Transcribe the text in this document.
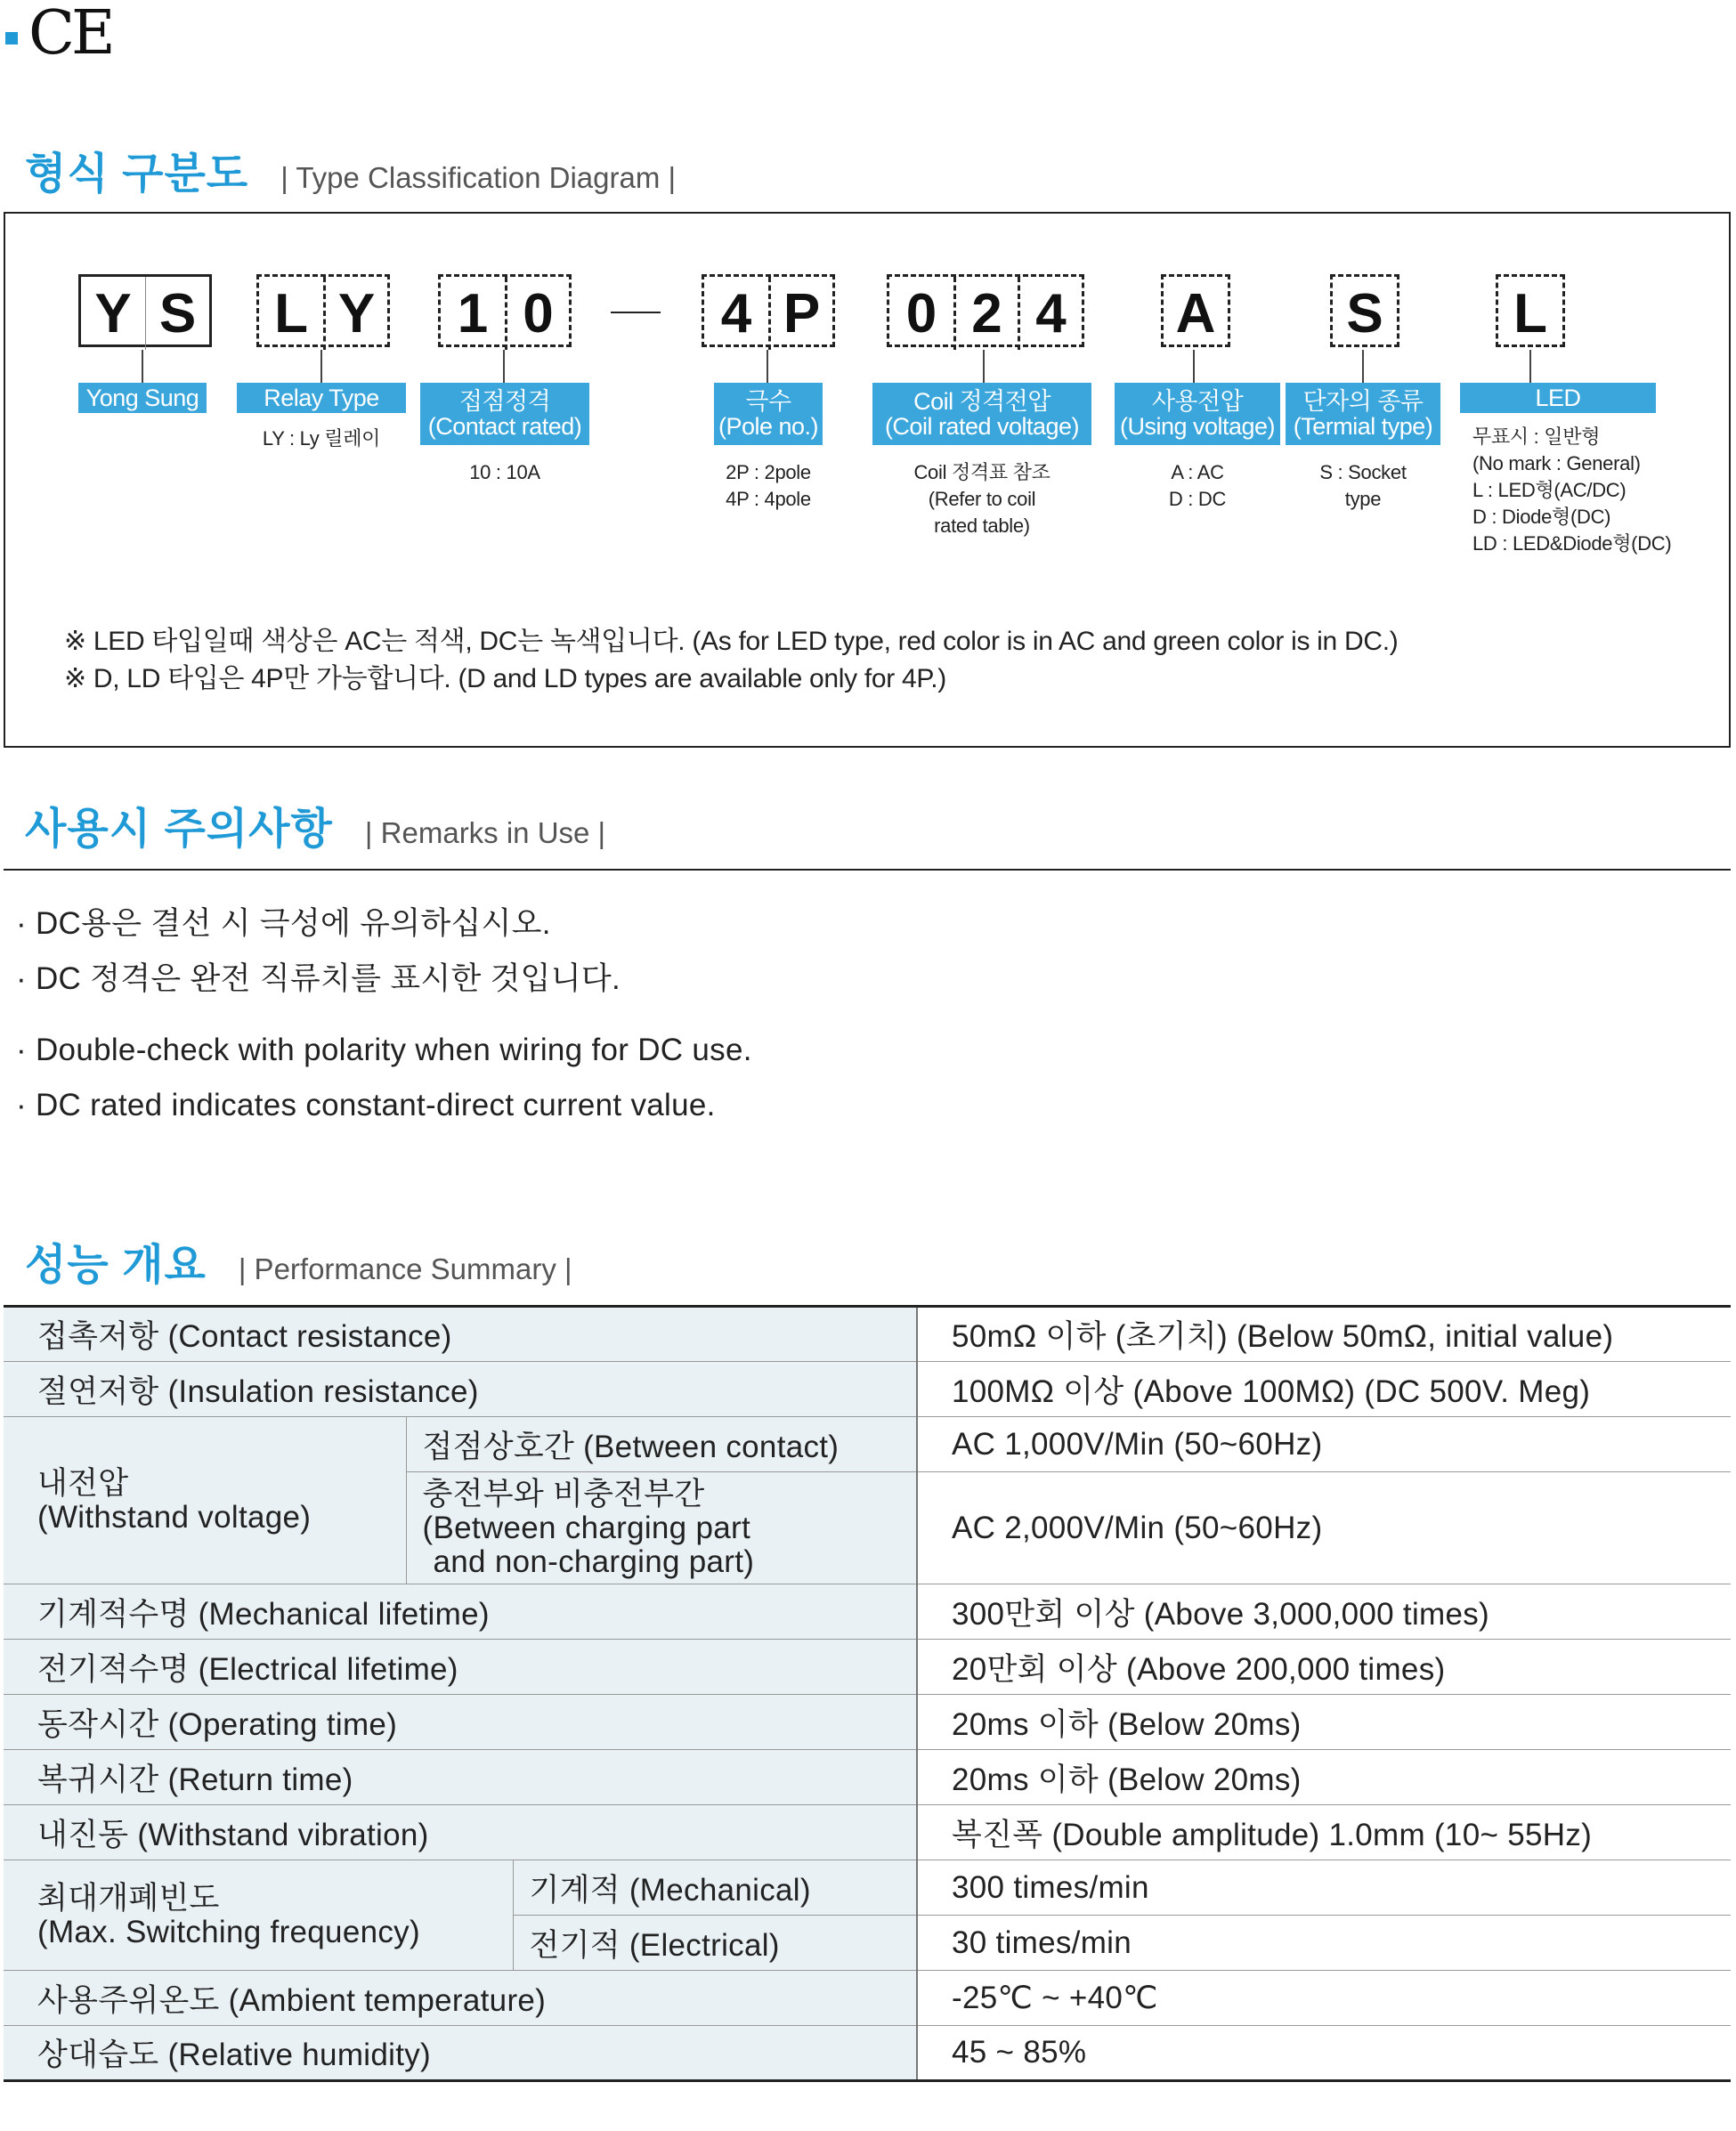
CE
형식 구분도 | Type Classification Diagram |
Y S L Y	1 0	4 P	0 2 4 A S L
Yong Sung	Relay Type	접점정격
(Contact rated)
극수
(Pole no.)
Coil 정격전압
(Coil rated voltage)
사용전압
(Using voltage)
단자의 종류
(Termial type)
LED
LY : Ly 릴레이
10 : 10A	2P : 2pole
4P : 4pole
Coil 정격표 참조
(Refer to coil
rated table)
A : AC
D : DC
S : Socket
type
무표시 : 일반형
(No mark : General)
L : LED형(AC/DC)
D : Diode형(DC)
LD : LED&Diode형(DC)
※ LED 타입일때 색상은 AC는 적색, DC는 녹색입니다. (As for LED type, red color is in AC and green color is in DC.)
※ D, LD 타입은 4P만 가능합니다. (D and LD types are available only for 4P.)
사용시 주의사항 | Remarks in Use |
· DC용은 결선 시 극성에 유의하십시오.
· DC 정격은 완전 직류치를 표시한 것입니다.
· Double-check with polarity when wiring for DC use.
· DC rated indicates constant-direct current value.
성능 개요 | Performance Summary |
접촉저항 (Contact resistance)			50mΩ 이하 (초기치) (Below 50mΩ, initial value)
절연저항 (Insulation resistance)			100MΩ 이상 (Above 100MΩ) (DC 500V. Meg)

내전압
(Withstand voltage)	접점상호간 (Between contact)		AC 1,000V/Min (50~60Hz)

	충전부와 비충전부간
(Between charging part
and non-charging part)		AC 2,000V/Min (50~60Hz)
기계적수명 (Mechanical lifetime)			300만회 이상 (Above 3,000,000 times)
전기적수명 (Electrical lifetime)			20만회 이상 (Above 200,000 times)
동작시간 (Operating time)			20ms 이하 (Below 20ms)
복귀시간 (Return time)			20ms 이하 (Below 20ms)
내진동 (Withstand vibration)			복진폭 (Double amplitude) 1.0mm (10~ 55Hz)

최대개폐빈도
(Max. Switching frequency)		기계적 (Mechanical)	300 times/min
		전기적 (Electrical)	30 times/min
사용주위온도 (Ambient temperature)			-25℃ ~ +40℃
상대습도 (Relative humidity)			45 ~ 85%
